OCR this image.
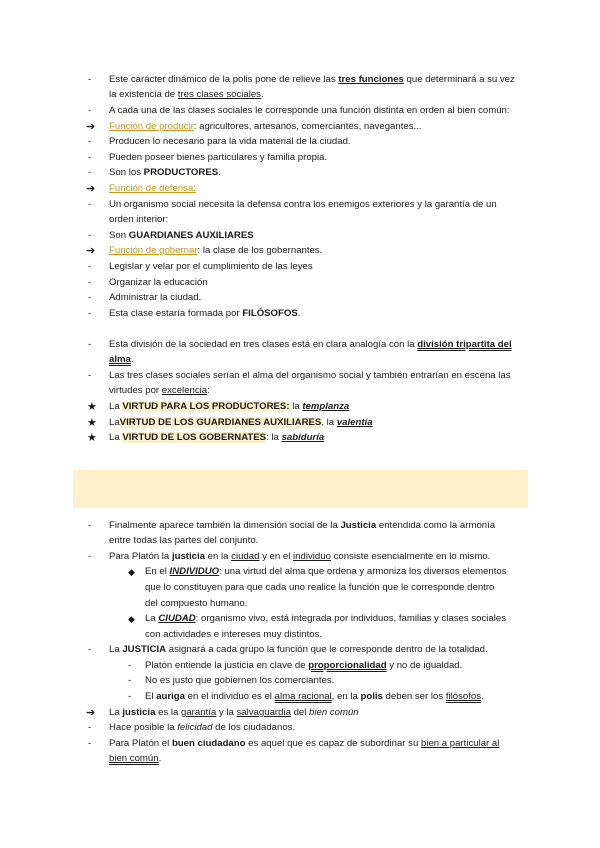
-	Este carácter dinámico de la polis pone de relieve las tres funciones que determinará a su vez
la existencia de tres clases sociales.
-	A cada una de las clases sociales le corresponde una función distinta en orden al bien común:
➔	Función de producir: agricultores, artesanos, comerciantes, navegantes...
-	Producen lo necesario para la vida material de la ciudad.
-	Pueden poseer bienes particulares y familia propia.
-	Son los PRODUCTORES.
➔	Función de defensa:
-	Un organismo social necesita la defensa contra los enemigos exteriores y la garantía de un
orden interior:
-	Son GUARDIANES AUXILIARES
➔	Función de gobernar: la clase de los gobernantes.
-	Legislar y velar por el cumplimiento de las leyes
-	Organizar la educación
-	Administrar la ciudad.
-	Esta clase estaría formada por FILÓSOFOS.
-	Esta división de la sociedad en tres clases está en clara analogía con la división tripartita del
alma.
-	Las tres clases sociales serían el alma del organismo social y también entrarían en escena las
virtudes por excelencia:
★	La VIRTUD PARA LOS PRODUCTORES: la templanza
★	LaVIRTUD DE LOS GUARDIANES AUXILIARES, la valentía
★	La VIRTUD DE LOS GOBERNATES: la sabiduría
-	Finalmente aparece también la dimensión social de la Justicia entendida como la armonía
entre todas las partes del conjunto.
-	Para Platón la justicia en la ciudad y en el individuo consiste esencialmente en lo mismo.
◆	En el INDIVIDUO: una virtud del alma que ordena y armoniza los diversos elementos
que lo constituyen para que cada uno realice la función que le corresponde dentro
del compuesto humano.
◆	La CIUDAD: organismo vivo, está integrada por individuos, familias y clases sociales
con actividades e intereses muy distintos.
-	La JUSTICIA asignará a cada grupo la función que le corresponde dentro de la totalidad.
-	Platón entiende la justicia en clave de proporcionalidad y no de igualdad.
-	No es justo que gobiernen los comerciantes.
-	El auriga en el individuo es el alma racional, en la polis deben ser los filósofos.
➔	La justicia es la garantía y la salvaguardia del bien común
-	Hace posible la felicidad de los ciudadanos.
-	Para Platón el buen ciudadano es aquel que es capaz de subordinar su bien a particular al
bien común.
